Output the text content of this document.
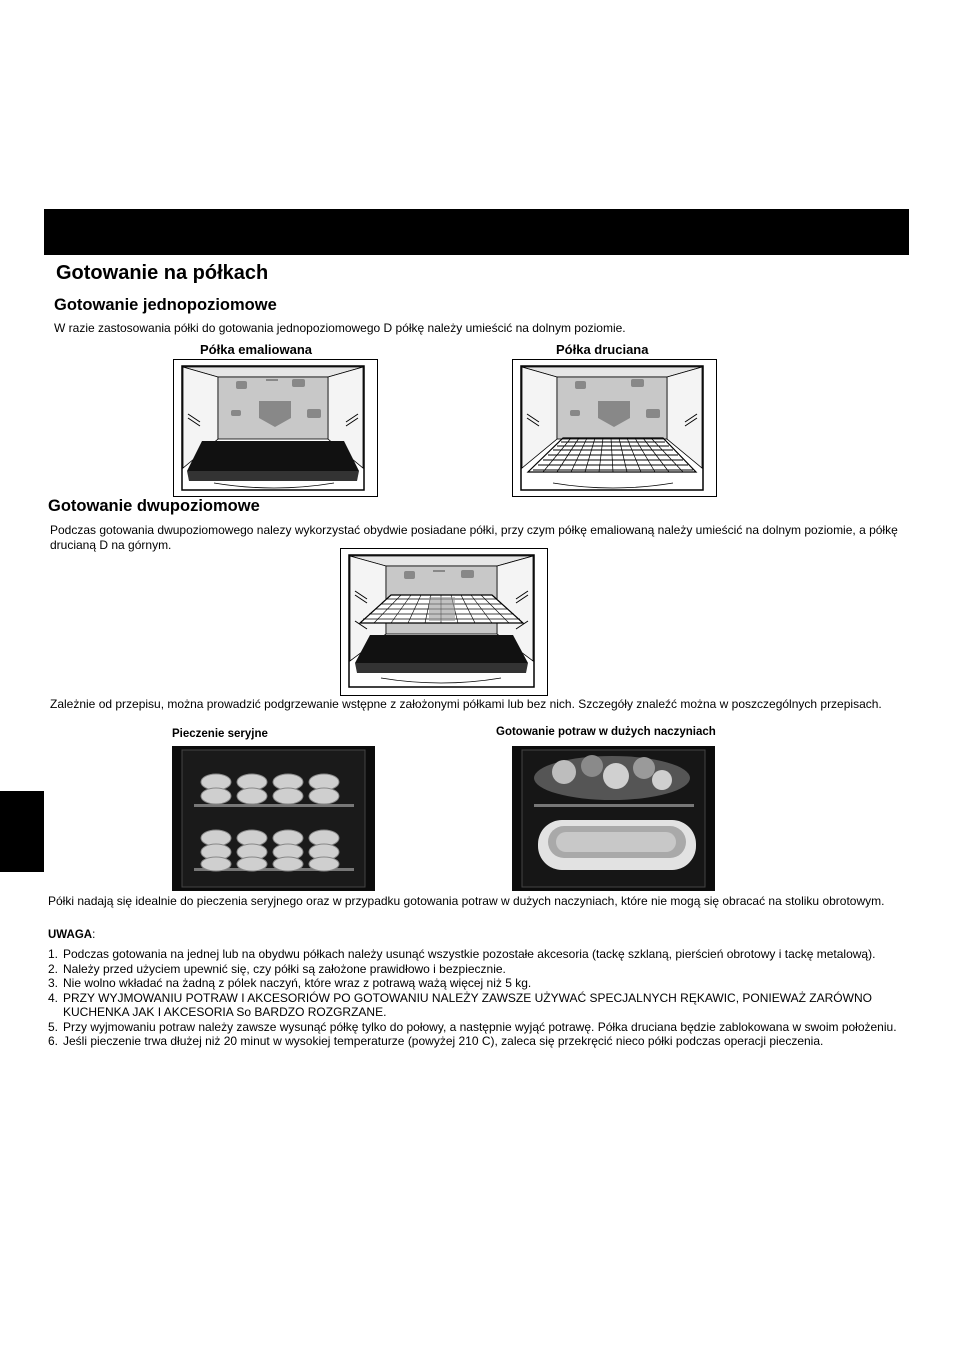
Gotowanie na półkach
Gotowanie jednopoziomowe

W razie zastosowania półki do gotowania jednopoziomowego D półkę należy umieścić na dolnym poziomie.

Półka emaliowana	Półka druciana

Gotowanie dwupoziomowe

Podczas gotowania dwupoziomowego nalezy wykorzystać obydwie posiadane półki, przy czym półkę emaliowaną należy umieścić na dolnym poziomie, a półkę drucianą D na górnym.

Zależnie od przepisu, można prowadzić podgrzewanie wstępne z założonymi półkami lub bez nich. Szczegóły znaleźć można w poszczególnych przepisach.

Pieczenie seryjne	Gotowanie potraw w dużych naczyniach

Półki nadają się idealnie do pieczenia seryjnego oraz w przypadku gotowania potraw w dużych naczyniach, które nie mogą się obracać na stoliku obrotowym.

UWAGA:

1. Podczas gotowania na jednej lub na obydwu półkach należy usunąć wszystkie pozostałe akcesoria (tackę szklaną, pierścień obrotowy i tackę metalową).
2. Należy przed użyciem upewnić się, czy półki są założone prawidłowo i bezpiecznie.
3. Nie wolno wkładać na żadną z pólek naczyń, które wraz z potrawą ważą więcej niż 5 kg.
4. PRZY WYJMOWANIU POTRAW I AKCESORIÓW PO GOTOWANIU NALEŻY ZAWSZE UŻYWAĆ SPECJALNYCH RĘKAWIC, PONIEWAŻ ZARÓWNO KUCHENKA JAK I AKCESORIA So BARDZO ROZGRZANE.
5. Przy wyjmowaniu potraw należy zawsze wysunąć półkę tylko do połowy, a następnie wyjąć potrawę. Półka druciana będzie zablokowana w swoim położeniu.
6. Jeśli pieczenie trwa dłużej niż 20 minut w wysokiej temperaturze (powyżej 210 C), zaleca się przekręcić nieco półki podczas operacji pieczenia.
